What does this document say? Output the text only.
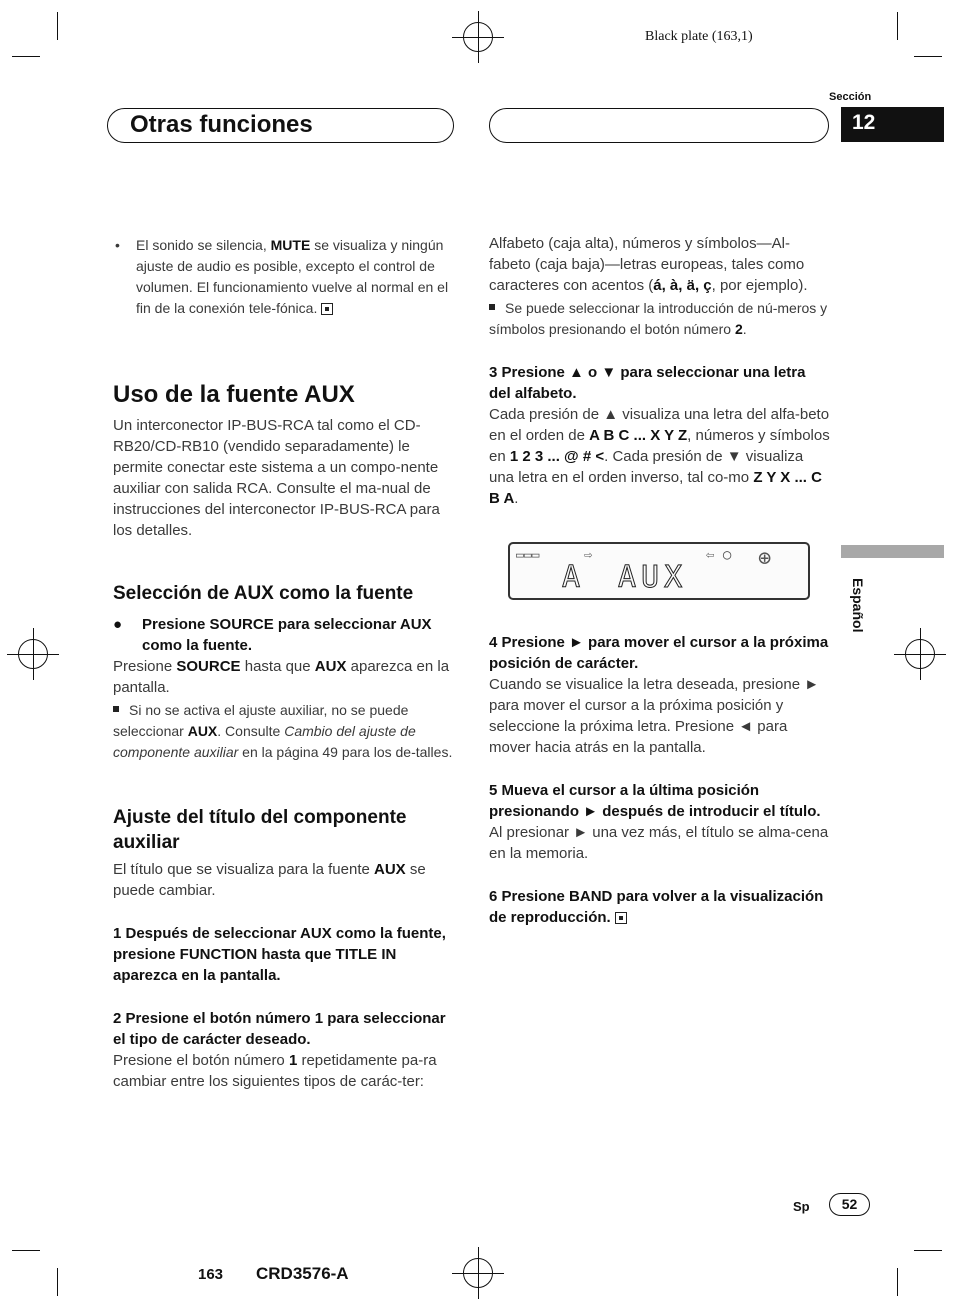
Black plate (163,1)
Sección
Otras funciones	12
Español

• El sonido se silencia, MUTE se visualiza y ningún ajuste de audio es posible, excepto el control de volumen. El funcionamiento vuelve al normal en el fin de la conexión tele-fónica.

Uso de la fuente AUX

Un interconector IP-BUS-RCA tal como el CD-RB20/CD-RB10 (vendido separadamente) le permite conectar este sistema a un compo-nente auxiliar con salida RCA. Consulte el ma-nual de instrucciones del interconector IP-BUS-RCA para los detalles.

Selección de AUX como la fuente

● Presione SOURCE para seleccionar AUX como la fuente.

Presione SOURCE hasta que AUX aparezca en la pantalla.

Si no se activa el ajuste auxiliar, no se puede seleccionar AUX. Consulte Cambio del ajuste de componente auxiliar en la página 49 para los de-talles.

Ajuste del título del componente auxiliar

El título que se visualiza para la fuente AUX se puede cambiar.

1 Después de seleccionar AUX como la fuente, presione FUNCTION hasta que TITLE IN aparezca en la pantalla.

2 Presione el botón número 1 para seleccionar el tipo de carácter deseado.

Presione el botón número 1 repetidamente pa-ra cambiar entre los siguientes tipos de carác-ter:

Alfabeto (caja alta), números y símbolos—Al-fabeto (caja baja)—letras europeas, tales como caracteres con acentos (á, à, ä, ç, por ejemplo).

Se puede seleccionar la introducción de nú-meros y símbolos presionando el botón número 2.

3 Presione ▲ o ▼ para seleccionar una letra del alfabeto.

Cada presión de ▲ visualiza una letra del alfa-beto en el orden de A B C ... X Y Z, números y símbolos en 1 2 3 ... @ # <. Cada presión de ▼ visualiza una letra en el orden inverso, tal co-mo Z Y X ... C B A.

▭▭▭	⇨	⇦ ○ ⊕
A AUX

4 Presione ► para mover el cursor a la próxima posición de carácter.

Cuando se visualice la letra deseada, presione ► para mover el cursor a la próxima posición y seleccione la próxima letra. Presione ◄ para mover hacia atrás en la pantalla.

5 Mueva el cursor a la última posición presionando ► después de introducir el título.

Al presionar ► una vez más, el título se alma-cena en la memoria.

6 Presione BAND para volver a la visualización de reproducción.

Sp	52
163 CRD3576-A
